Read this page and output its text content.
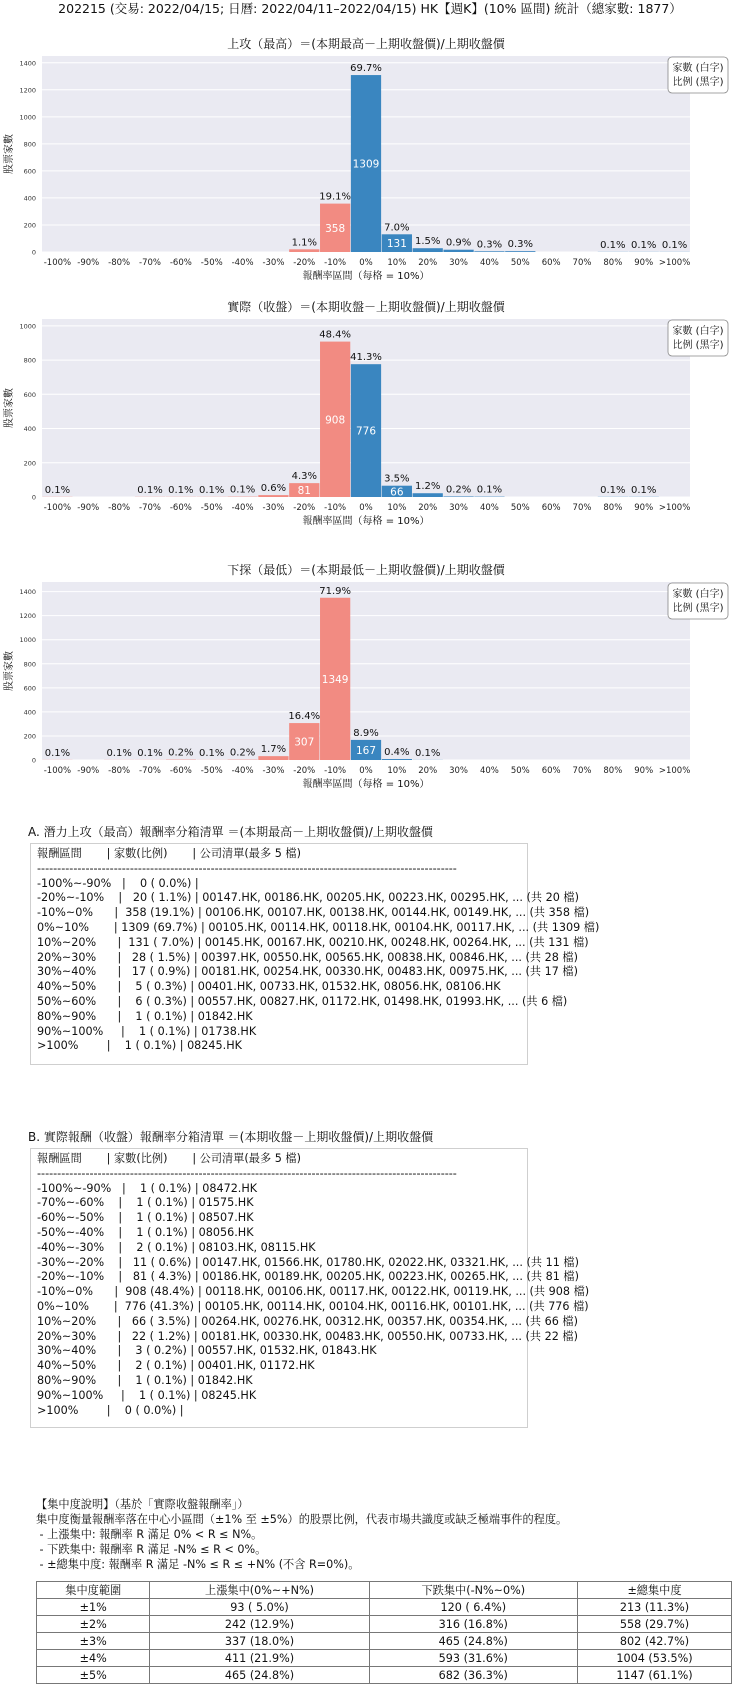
202215 (交易: 2022/04/15; 日曆: 2022/04/11–2022/04/15) HK【週K】(10% 區間) 統計（總家數: 1877）
上攻（最高）＝(本期最高－上期收盤價)/上期收盤價
0
200
400
600
800
1000
1200
1400
-100% -90% -80% -70% -60% -50% -40% -30% -20% -10% 0% 10% 20% 30% 40% 50% 60% 70% 80% 90% >100%
1.1%
358
19.1%
1309
69.7%
131
7.0%
1.5% 0.9% 0.3% 0.3%	0.1% 0.1% 0.1%
報酬率區間（每格 = 10%）
股票家數
家數 (白字)
比例 (黑字)
實際（收盤）＝(本期收盤－上期收盤價)/上期收盤價
0
200
400
600
800
1000
-100% -90% -80% -70% -60% -50% -40% -30% -20% -10% 0% 10% 20% 30% 40% 50% 60% 70% 80% 90% >100%
0.1%	0.1% 0.1% 0.1% 0.1% 0.6% 81
4.3%
908
48.4%
776
41.3%
66
3.5%
1.2% 0.2% 0.1%	0.1% 0.1%
報酬率區間（每格 = 10%）
股票家數
家數 (白字)
比例 (黑字)
下探（最低）＝(本期最低－上期收盤價)/上期收盤價
0
200
400
600
800
1000
1200
1400
-100% -90% -80% -70% -60% -50% -40% -30% -20% -10% 0% 10% 20% 30% 40% 50% 60% 70% 80% 90% >100%
0.1%	0.1% 0.1% 0.2% 0.1% 0.2% 1.7%
307
16.4%
1349
71.9%
167
8.9%
0.4% 0.1%
報酬率區間（每格 = 10%）
股票家數
家數 (白字)
比例 (黑字)
A. 潛力上攻（最高）報酬率分箱清單 ＝(本期最高－上期收盤價)/上期收盤價
報酬區間       | 家數(比例)       | 公司清單(最多 5 檔)
--------------------------------------------------------------------------------------------------------
-100%~-90%   |    0 ( 0.0%) |
-20%~-10%    |   20 ( 1.1%) | 00147.HK, 00186.HK, 00205.HK, 00223.HK, 00295.HK, ... (共 20 檔)
-10%~0%      |  358 (19.1%) | 00106.HK, 00107.HK, 00138.HK, 00144.HK, 00149.HK, ... (共 358 檔)
0%~10%       | 1309 (69.7%) | 00105.HK, 00114.HK, 00118.HK, 00104.HK, 00117.HK, ... (共 1309 檔)
10%~20%      |  131 ( 7.0%) | 00145.HK, 00167.HK, 00210.HK, 00248.HK, 00264.HK, ... (共 131 檔)
20%~30%      |   28 ( 1.5%) | 00397.HK, 00550.HK, 00565.HK, 00838.HK, 00846.HK, ... (共 28 檔)
30%~40%      |   17 ( 0.9%) | 00181.HK, 00254.HK, 00330.HK, 00483.HK, 00975.HK, ... (共 17 檔)
40%~50%      |    5 ( 0.3%) | 00401.HK, 00733.HK, 01532.HK, 08056.HK, 08106.HK
50%~60%      |    6 ( 0.3%) | 00557.HK, 00827.HK, 01172.HK, 01498.HK, 01993.HK, ... (共 6 檔)
80%~90%      |    1 ( 0.1%) | 01842.HK
90%~100%     |    1 ( 0.1%) | 01738.HK
>100%        |    1 ( 0.1%) | 08245.HK
B. 實際報酬（收盤）報酬率分箱清單 ＝(本期收盤－上期收盤價)/上期收盤價
報酬區間       | 家數(比例)       | 公司清單(最多 5 檔)
--------------------------------------------------------------------------------------------------------
-100%~-90%   |    1 ( 0.1%) | 08472.HK
-70%~-60%    |    1 ( 0.1%) | 01575.HK
-60%~-50%    |    1 ( 0.1%) | 08507.HK
-50%~-40%    |    1 ( 0.1%) | 08056.HK
-40%~-30%    |    2 ( 0.1%) | 08103.HK, 08115.HK
-30%~-20%    |   11 ( 0.6%) | 00147.HK, 01566.HK, 01780.HK, 02022.HK, 03321.HK, ... (共 11 檔)
-20%~-10%    |   81 ( 4.3%) | 00186.HK, 00189.HK, 00205.HK, 00223.HK, 00265.HK, ... (共 81 檔)
-10%~0%      |  908 (48.4%) | 00118.HK, 00106.HK, 00117.HK, 00122.HK, 00119.HK, ... (共 908 檔)
0%~10%       |  776 (41.3%) | 00105.HK, 00114.HK, 00104.HK, 00116.HK, 00101.HK, ... (共 776 檔)
10%~20%      |   66 ( 3.5%) | 00264.HK, 00276.HK, 00312.HK, 00357.HK, 00354.HK, ... (共 66 檔)
20%~30%      |   22 ( 1.2%) | 00181.HK, 00330.HK, 00483.HK, 00550.HK, 00733.HK, ... (共 22 檔)
30%~40%      |    3 ( 0.2%) | 00557.HK, 01532.HK, 01843.HK
40%~50%      |    2 ( 0.1%) | 00401.HK, 01172.HK
80%~90%      |    1 ( 0.1%) | 01842.HK
90%~100%     |    1 ( 0.1%) | 08245.HK
>100%        |    0 ( 0.0%) |
【集中度說明】（基於「實際收盤報酬率」）
集中度衡量報酬率落在中心小區間（±1% 至 ±5%）的股票比例，代表市場共識度或缺乏極端事件的程度。
- 上漲集中: 報酬率 R 滿足 0% < R ≤ N%。
- 下跌集中: 報酬率 R 滿足 -N% ≤ R < 0%。
- ±總集中度: 報酬率 R 滿足 -N% ≤ R ≤ +N% (不含 R=0%)。
集中度範圍	上漲集中(0%~+N%)	下跌集中(-N%~0%)	±總集中度
±1%	93 ( 5.0%)	120 ( 6.4%)	213 (11.3%)
±2%	242 (12.9%)	316 (16.8%)	558 (29.7%)
±3%	337 (18.0%)	465 (24.8%)	802 (42.7%)
±4%	411 (21.9%)	593 (31.6%)	1004 (53.5%)
±5%	465 (24.8%)	682 (36.3%)	1147 (61.1%)
